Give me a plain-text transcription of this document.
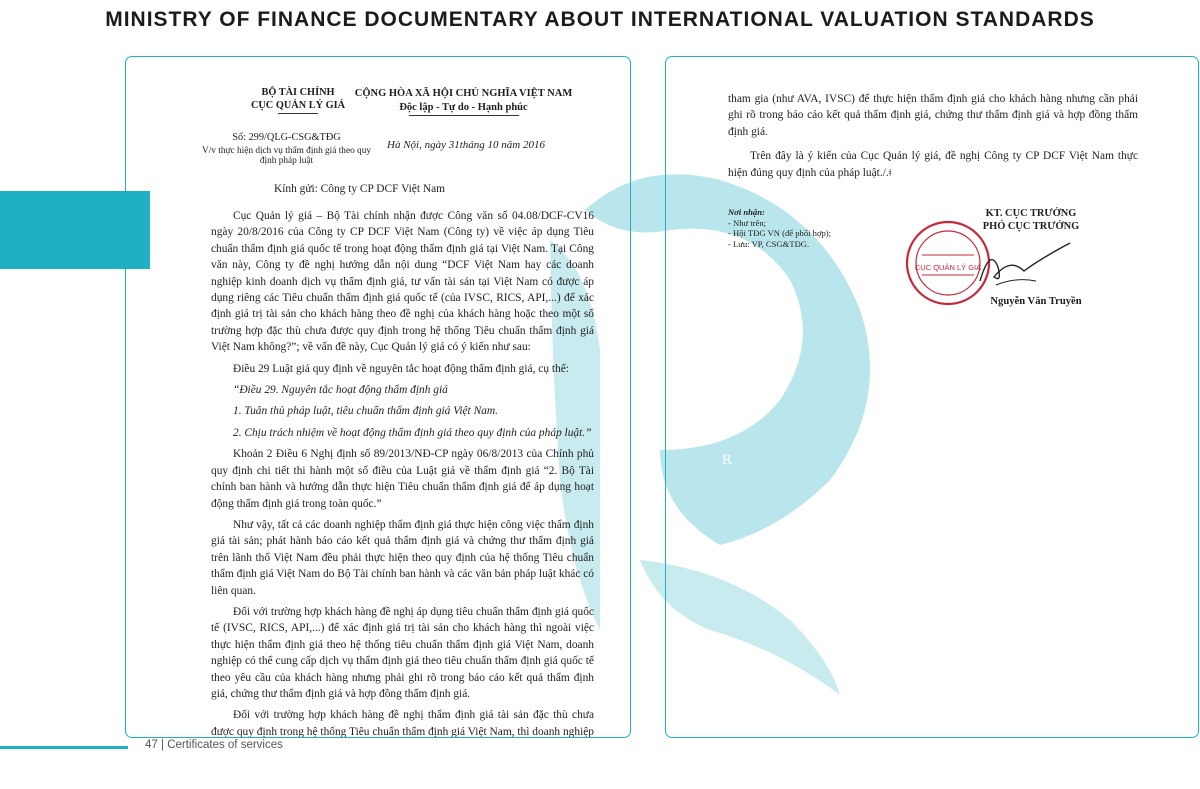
MINISTRY OF FINANCE DOCUMENTARY ABOUT INTERNATIONAL VALUATION STANDARDS
R
BỘ TÀI CHÍNH
CỤC QUẢN LÝ GIÁ
CỘNG HÒA XÃ HỘI CHỦ NGHĨA VIỆT NAM
Độc lập - Tự do - Hạnh phúc
Số: 299/QLG-CSG&TĐG
V/v thực hiện dịch vụ thẩm định giá theo quy định pháp luật
Hà Nội, ngày 31tháng 10 năm 2016
Kính gửi: Công ty CP DCF Việt Nam

Cục Quản lý giá – Bộ Tài chính nhận được Công văn số 04.08/DCF-CV16 ngày 20/8/2016 của Công ty CP DCF Việt Nam (Công ty) về việc áp dụng Tiêu chuẩn thẩm định giá quốc tế trong hoạt động thẩm định giá tại Việt Nam. Tại Công văn này, Công ty đề nghị hướng dẫn nội dung “DCF Việt Nam hay các doanh nghiệp kinh doanh dịch vụ thẩm định giá, tư vấn tài sản tại Việt Nam có được áp dụng riêng các Tiêu chuẩn thẩm định giá quốc tế (của IVSC, RICS, API,...) để xác định giá trị tài sản cho khách hàng theo đề nghị của khách hàng hoặc theo một số trường hợp đặc thù chưa được quy định trong hệ thống Tiêu chuẩn thẩm định giá Việt Nam không?”; về vấn đề này, Cục Quản lý giá có ý kiến như sau:

Điều 29 Luật giá quy định về nguyên tắc hoạt động thẩm định giá, cụ thể:

“Điều 29. Nguyên tắc hoạt động thẩm định giá

1. Tuân thủ pháp luật, tiêu chuẩn thẩm định giá Việt Nam.

2. Chịu trách nhiệm về hoạt động thẩm định giá theo quy định của pháp luật.”

Khoản 2 Điều 6 Nghị định số 89/2013/NĐ-CP ngày 06/8/2013 của Chính phủ quy định chi tiết thi hành một số điều của Luật giá về thẩm định giá “2. Bộ Tài chính ban hành và hướng dẫn thực hiện Tiêu chuẩn thẩm định giá để áp dụng hoạt động thẩm định giá trong toàn quốc.”

Như vậy, tất cả các doanh nghiệp thẩm định giá thực hiện công việc thẩm định giá tài sản; phát hành báo cáo kết quả thẩm định giá và chứng thư thẩm định giá trên lãnh thổ Việt Nam đều phải thực hiện theo quy định của hệ thống Tiêu chuẩn thẩm định giá Việt Nam do Bộ Tài chính ban hành và các văn bản pháp luật khác có liên quan.

Đối với trường hợp khách hàng đề nghị áp dụng tiêu chuẩn thẩm định giá quốc tế (IVSC, RICS, API,...) để xác định giá trị tài sản cho khách hàng thì ngoài việc thực hiện thẩm định giá theo hệ thống tiêu chuẩn thẩm định giá Việt Nam, doanh nghiệp có thể cung cấp dịch vụ thẩm định giá theo tiêu chuẩn thẩm định giá quốc tế theo yêu cầu của khách hàng nhưng phải ghi rõ trong báo cáo kết quả thẩm định giá, chứng thư thẩm định giá và hợp đồng thẩm định giá.

Đối với trường hợp khách hàng đề nghị thẩm định giá tài sản đặc thù chưa được quy định trong hệ thống Tiêu chuẩn thẩm định giá Việt Nam, thì doanh nghiệp

tham gia (như AVA, IVSC) để thực hiện thẩm định giá cho khách hàng nhưng cần phải ghi rõ trong báo cáo kết quả thẩm định giá, chứng thư thẩm định giá và hợp đồng thẩm định giá.

Trên đây là ý kiến của Cục Quản lý giá, đề nghị Công ty CP DCF Việt Nam thực hiện đúng quy định của pháp luật./.ǂ

Nơi nhận:
- Như trên;
- Hội TĐG VN (để phối hợp);
- Lưu: VP, CSG&TĐG.
KT. CỤC TRƯỞNG
PHÓ CỤC TRƯỞNG
CỤC QUẢN LÝ GIÁ
Nguyễn Văn Truyền
47 | Certificates of services
